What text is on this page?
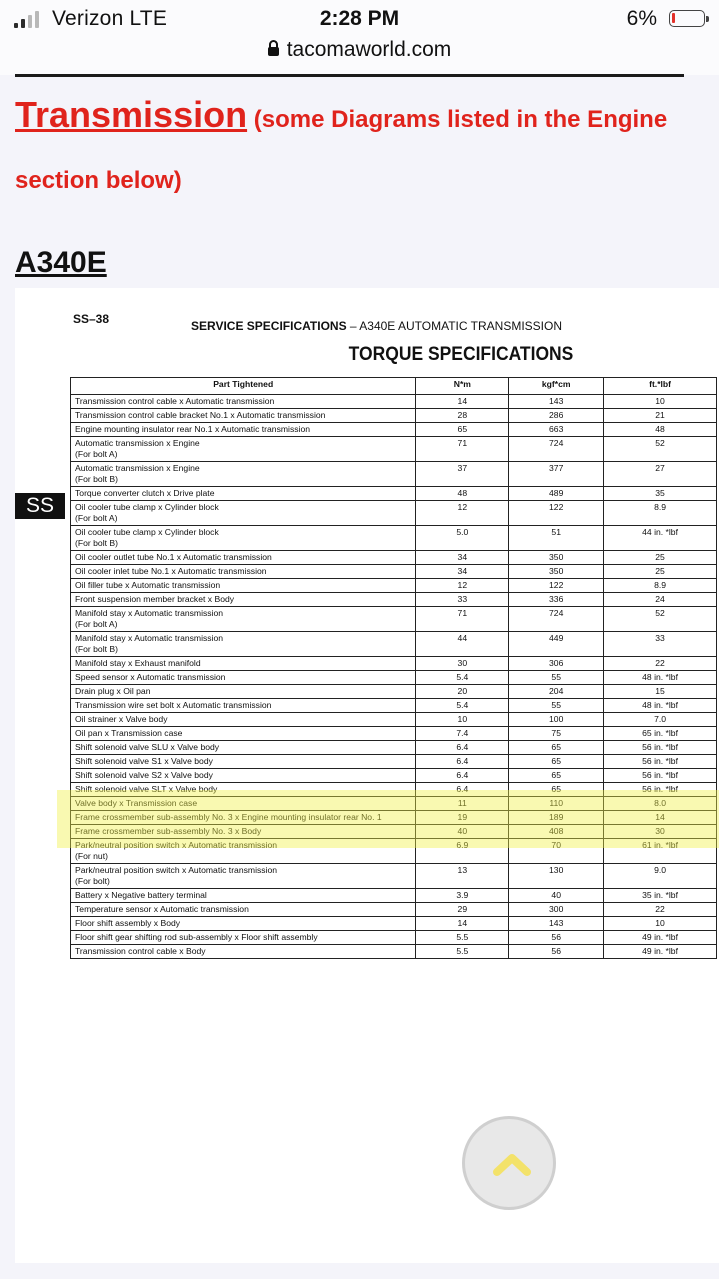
Verizon LTE	2:28 PM	6%
tacomaworld.com
Transmission (some Diagrams listed in the Engine section below)
A340E
SS–38	SERVICE SPECIFICATIONS – A340E AUTOMATIC TRANSMISSION
TORQUE SPECIFICATIONS
SS
Part Tightened	N*m	kgf*cm	ft.*lbf

Transmission control cable x Automatic transmission	14	143	10

Transmission control cable bracket No.1 x Automatic transmission	28	286	21

Engine mounting insulator rear No.1 x Automatic transmission	65	663	48

Automatic transmission x Engine
(For bolt A)	71	724	52

Automatic transmission x Engine
(For bolt B)	37	377	27

Torque converter clutch x Drive plate	48	489	35

Oil cooler tube clamp x Cylinder block
(For bolt A)	12	122	8.9

Oil cooler tube clamp x Cylinder block
(For bolt B)	5.0	51	44 in. *lbf

Oil cooler outlet tube No.1 x Automatic transmission	34	350	25

Oil cooler inlet tube No.1 x Automatic transmission	34	350	25

Oil filler tube x Automatic transmission	12	122	8.9

Front suspension member bracket x Body	33	336	24

Manifold stay x Automatic transmission
(For bolt A)	71	724	52

Manifold stay x Automatic transmission
(For bolt B)	44	449	33

Manifold stay x Exhaust manifold	30	306	22

Speed sensor x Automatic transmission	5.4	55	48 in. *lbf

Drain plug x Oil pan	20	204	15

Transmission wire set bolt x Automatic transmission	5.4	55	48 in. *lbf

Oil strainer x Valve body	10	100	7.0

Oil pan x Transmission case	7.4	75	65 in. *lbf

Shift solenoid valve SLU x Valve body	6.4	65	56 in. *lbf

Shift solenoid valve S1 x Valve body	6.4	65	56 in. *lbf

Shift solenoid valve S2 x Valve body	6.4	65	56 in. *lbf

Shift solenoid valve SLT x Valve body	6.4	65	56 in. *lbf

Valve body x Transmission case	11	110	8.0

Frame crossmember sub-assembly No. 3 x Engine mounting insulator rear No. 1	19	189	14

Frame crossmember sub-assembly No. 3 x Body	40	408	30

Park/neutral position switch x Automatic transmission
(For nut)	6.9	70	61 in. *lbf

Park/neutral position switch x Automatic transmission
(For bolt)	13	130	9.0

Battery x Negative battery terminal	3.9	40	35 in. *lbf

Temperature sensor x Automatic transmission	29	300	22

Floor shift assembly x Body	14	143	10

Floor shift gear shifting rod sub-assembly x Floor shift assembly	5.5	56	49 in. *lbf

Transmission control cable x Body	5.5	56	49 in. *lbf
